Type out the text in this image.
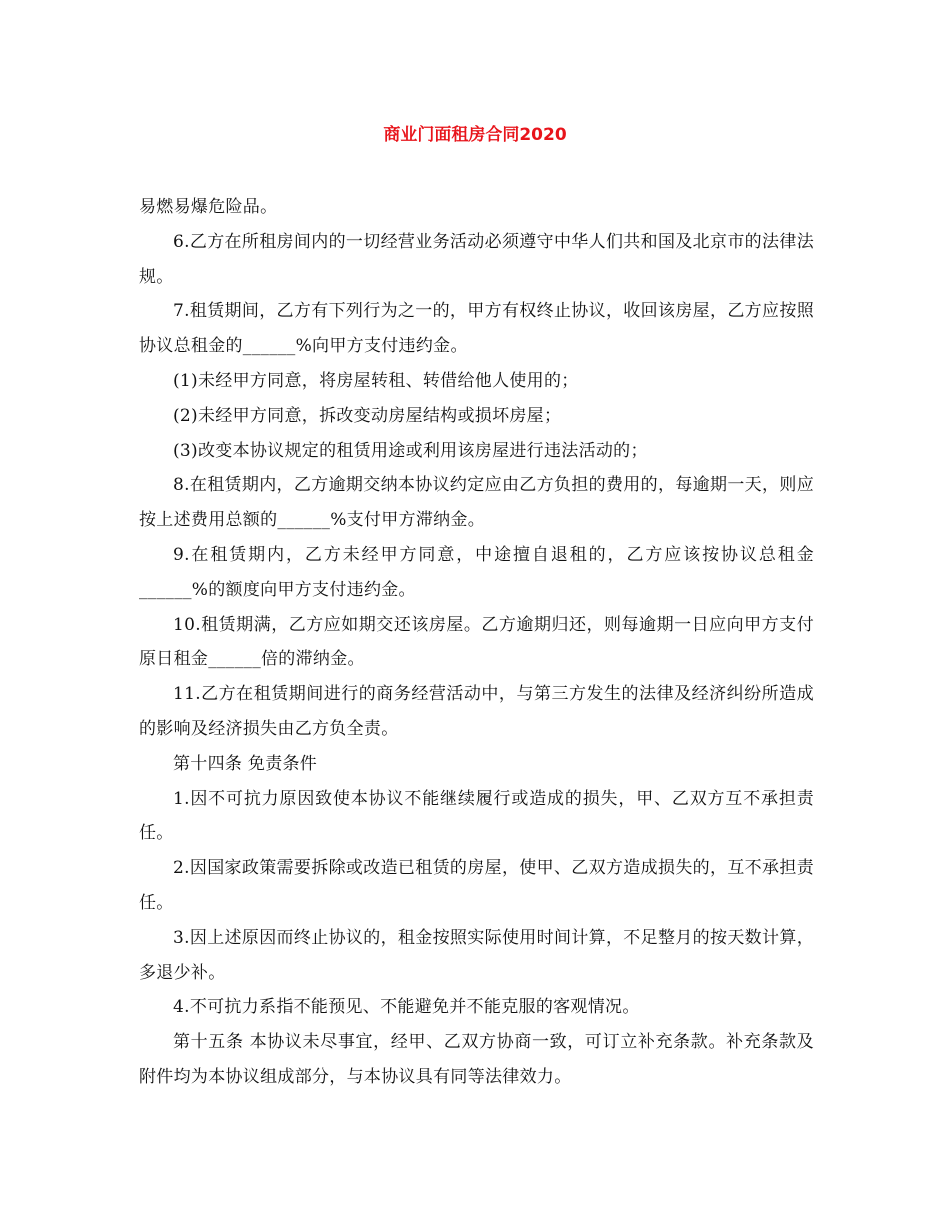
商业门面租房合同2020

易燃易爆危险品。

6.乙方在所租房间内的一切经营业务活动必须遵守中华人们共和国及北京市的法律法规。

7.租赁期间，乙方有下列行为之一的，甲方有权终止协议，收回该房屋，乙方应按照协议总租金的______%向甲方支付违约金。

(1)未经甲方同意，将房屋转租、转借给他人使用的；

(2)未经甲方同意，拆改变动房屋结构或损坏房屋；

(3)改变本协议规定的租赁用途或利用该房屋进行违法活动的；

8.在租赁期内，乙方逾期交纳本协议约定应由乙方负担的费用的，每逾期一天，则应按上述费用总额的______%支付甲方滞纳金。

9.在租赁期内，乙方未经甲方同意，中途擅自退租的，乙方应该按协议总租金______%的额度向甲方支付违约金。

10.租赁期满，乙方应如期交还该房屋。乙方逾期归还，则每逾期一日应向甲方支付原日租金______倍的滞纳金。

11.乙方在租赁期间进行的商务经营活动中，与第三方发生的法律及经济纠纷所造成的影响及经济损失由乙方负全责。

第十四条 免责条件

1.因不可抗力原因致使本协议不能继续履行或造成的损失，甲、乙双方互不承担责任。

2.因国家政策需要拆除或改造已租赁的房屋，使甲、乙双方造成损失的，互不承担责任。

3.因上述原因而终止协议的，租金按照实际使用时间计算，不足整月的按天数计算，多退少补。

4.不可抗力系指不能预见、不能避免并不能克服的客观情况。

第十五条 本协议未尽事宜，经甲、乙双方协商一致，可订立补充条款。补充条款及附件均为本协议组成部分，与本协议具有同等法律效力。
